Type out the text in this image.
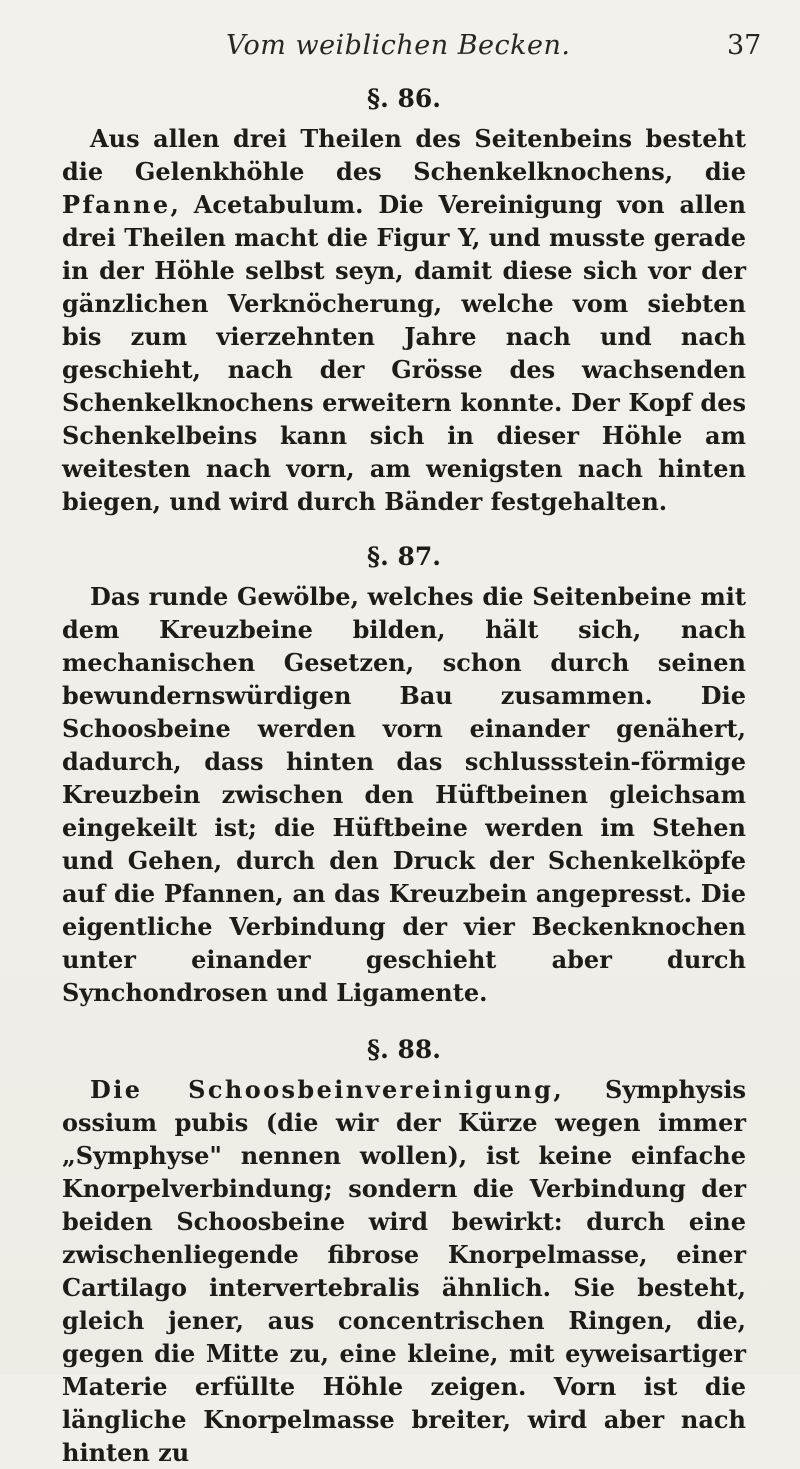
Vom weiblichen Becken.	37
§. 86.

Aus allen drei Theilen des Seitenbeins besteht die Gelenkhöhle des Schenkelknochens, die Pfanne, Acetabulum. Die Vereinigung von allen drei Theilen macht die Figur Y, und musste gerade in der Höhle selbst seyn, damit diese sich vor der gänzlichen Verknöcherung, welche vom siebten bis zum vierzehnten Jahre nach und nach geschieht, nach der Grösse des wachsenden Schenkelknochens erweitern konnte. Der Kopf des Schenkelbeins kann sich in dieser Höhle am weitesten nach vorn, am wenigsten nach hinten biegen, und wird durch Bänder festgehalten.

§. 87.

Das runde Gewölbe, welches die Seitenbeine mit dem Kreuzbeine bilden, hält sich, nach mechanischen Gesetzen, schon durch seinen bewundernswürdigen Bau zusammen. Die Schoosbeine werden vorn einander genähert, dadurch, dass hinten das schlussstein-förmige Kreuzbein zwischen den Hüftbeinen gleichsam eingekeilt ist; die Hüftbeine werden im Stehen und Gehen, durch den Druck der Schenkelköpfe auf die Pfannen, an das Kreuzbein angepresst. Die eigentliche Verbindung der vier Beckenknochen unter einander geschieht aber durch Synchondrosen und Ligamente.

§. 88.

Die Schoosbeinvereinigung, Symphysis ossium pubis (die wir der Kürze wegen immer „Symphyse" nennen wollen), ist keine einfache Knorpelverbindung; sondern die Verbindung der beiden Schoosbeine wird bewirkt: durch eine zwischenliegende fibrose Knorpelmasse, einer Cartilago intervertebralis ähnlich. Sie besteht, gleich jener, aus concentrischen Ringen, die, gegen die Mitte zu, eine kleine, mit eyweisartiger Materie erfüllte Höhle zeigen. Vorn ist die längliche Knorpelmasse breiter, wird aber nach hinten zu
